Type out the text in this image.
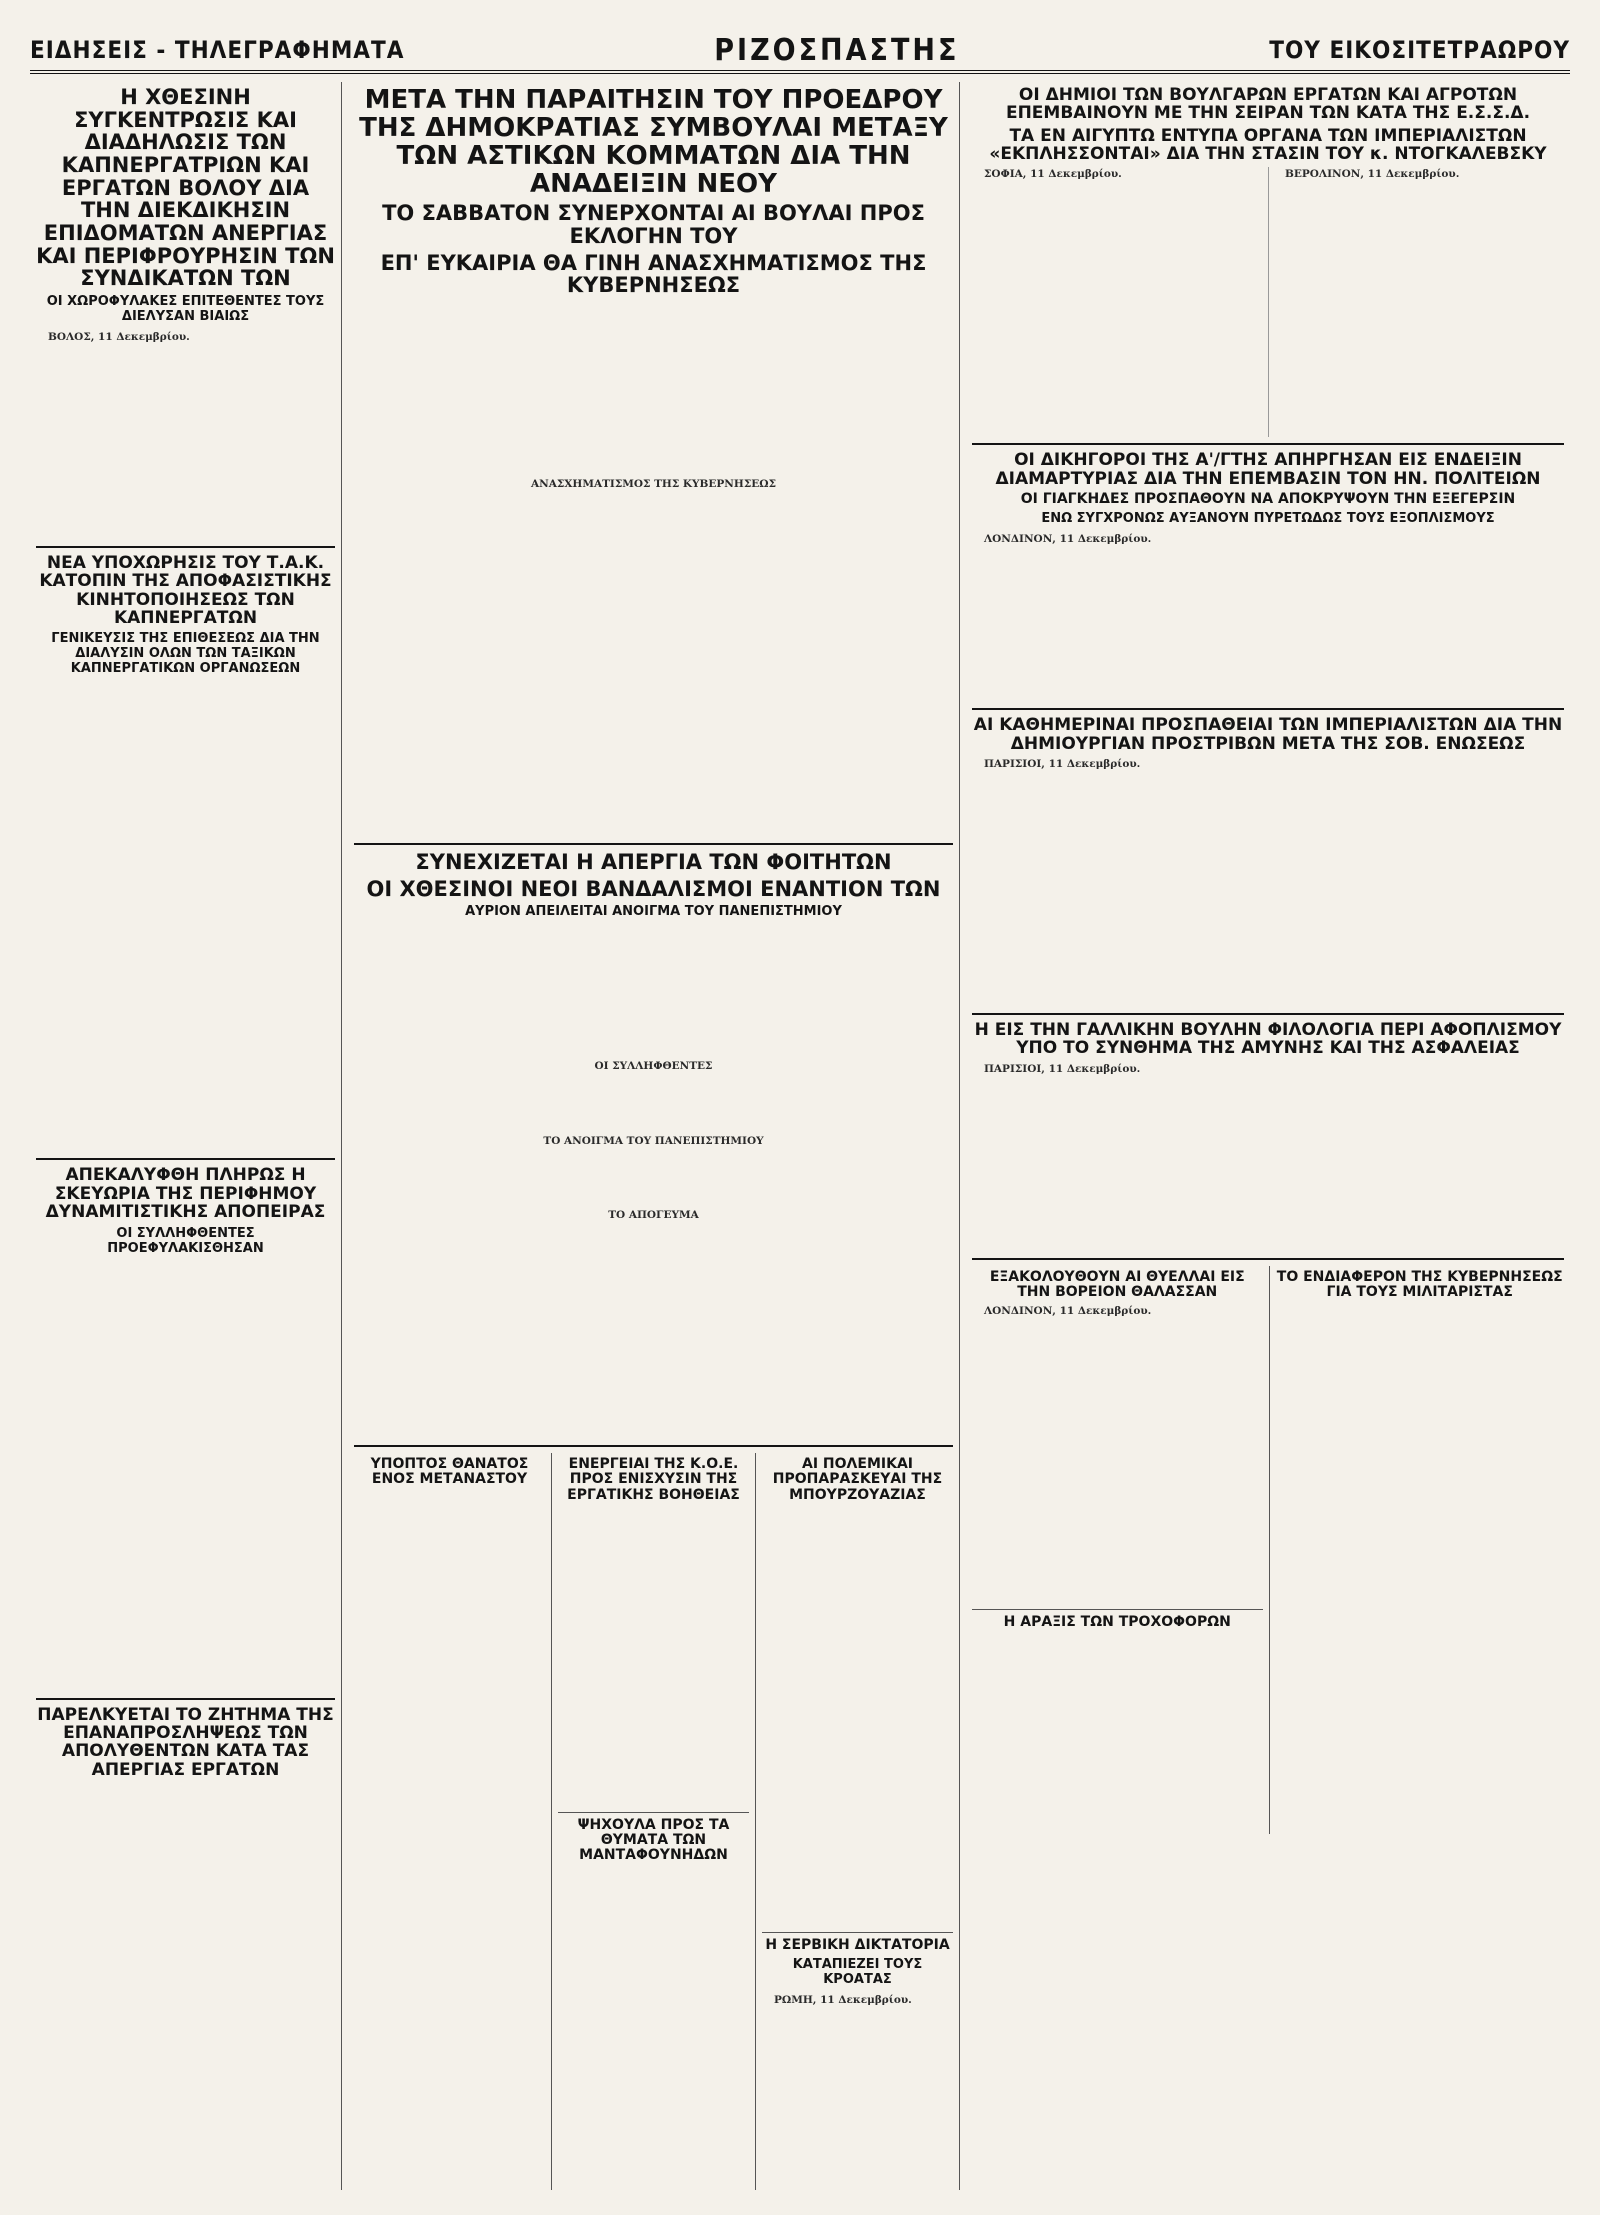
ΕΙΔΗΣΕΙΣ - ΤΗΛΕΓΡΑΦΗΜΑΤΑ	ΡΙΖΟΣΠΑΣΤΗΣ	ΤΟΥ ΕΙΚΟΣΙΤΕΤΡΑΩΡΟΥ
Η ΧΘΕΣΙΝΗ ΣΥΓΚΕΝΤΡΩΣΙΣ ΚΑΙ ΔΙΑΔΗΛΩΣΙΣ ΤΩΝ ΚΑΠΝΕΡΓΑΤΡΙΩΝ ΚΑΙ ΕΡΓΑΤΩΝ ΒΟΛΟΥ ΔΙΑ ΤΗΝ ΔΙΕΚΔΙΚΗΣΙΝ ΕΠΙΔΟΜΑΤΩΝ ΑΝΕΡΓΙΑΣ ΚΑΙ ΠΕΡΙΦΡΟΥΡΗΣΙΝ ΤΩΝ ΣΥΝΔΙΚΑΤΩΝ ΤΩΝ
ΟΙ ΧΩΡΟΦΥΛΑΚΕΣ ΕΠΙΤΕΘΕΝΤΕΣ ΤΟΥΣ ΔΙΕΛΥΣΑΝ ΒΙΑΙΩΣ

ΒΟΛΟΣ, 11 Δεκεμβρίου.

ΝΕΑ ΥΠΟΧΩΡΗΣΙΣ ΤΟΥ Τ.Α.Κ. ΚΑΤΟΠΙΝ ΤΗΣ ΑΠΟΦΑΣΙΣΤΙΚΗΣ ΚΙΝΗΤΟΠΟΙΗΣΕΩΣ ΤΩΝ ΚΑΠΝΕΡΓΑΤΩΝ
ΓΕΝΙΚΕΥΣΙΣ ΤΗΣ ΕΠΙΘΕΣΕΩΣ ΔΙΑ ΤΗΝ ΔΙΑΛΥΣΙΝ ΟΛΩΝ ΤΩΝ ΤΑΞΙΚΩΝ ΚΑΠΝΕΡΓΑΤΙΚΩΝ ΟΡΓΑΝΩΣΕΩΝ
ΑΠΕΚΑΛΥΦΘΗ ΠΛΗΡΩΣ Η ΣΚΕΥΩΡΙΑ ΤΗΣ ΠΕΡΙΦΗΜΟΥ ΔΥΝΑΜΙΤΙΣΤΙΚΗΣ ΑΠΟΠΕΙΡΑΣ
ΟΙ ΣΥΛΛΗΦΘΕΝΤΕΣ ΠΡΟΕΦΥΛΑΚΙΣΘΗΣΑΝ
ΠΑΡΕΛΚΥΕΤΑΙ ΤΟ ΖΗΤΗΜΑ ΤΗΣ ΕΠΑΝΑΠΡΟΣΛΗΨΕΩΣ ΤΩΝ ΑΠΟΛΥΘΕΝΤΩΝ ΚΑΤΑ ΤΑΣ ΑΠΕΡΓΙΑΣ ΕΡΓΑΤΩΝ
ΜΕΤΑ ΤΗΝ ΠΑΡΑΙΤΗΣΙΝ ΤΟΥ ΠΡΟΕΔΡΟΥ ΤΗΣ ΔΗΜΟΚΡΑΤΙΑΣ ΣΥΜΒΟΥΛΑΙ ΜΕΤΑΞΥ ΤΩΝ ΑΣΤΙΚΩΝ ΚΟΜΜΑΤΩΝ ΔΙΑ ΤΗΝ ΑΝΑΔΕΙΞΙΝ ΝΕΟΥ
ΤΟ ΣΑΒΒΑΤΟΝ ΣΥΝΕΡΧΟΝΤΑΙ ΑΙ ΒΟΥΛΑΙ ΠΡΟΣ ΕΚΛΟΓΗΝ ΤΟΥ
ΕΠ' ΕΥΚΑΙΡΙΑ ΘΑ ΓΙΝΗ ΑΝΑΣΧΗΜΑΤΙΣΜΟΣ ΤΗΣ ΚΥΒΕΡΝΗΣΕΩΣ

ΑΝΑΣΧΗΜΑΤΙΣΜΟΣ ΤΗΣ ΚΥΒΕΡΝΗΣΕΩΣ

ΣΥΝΕΧΙΖΕΤΑΙ Η ΑΠΕΡΓΙΑ ΤΩΝ ΦΟΙΤΗΤΩΝ
ΟΙ ΧΘΕΣΙΝΟΙ ΝΕΟΙ ΒΑΝΔΑΛΙΣΜΟΙ ΕΝΑΝΤΙΟΝ ΤΩΝ
ΑΥΡΙΟΝ ΑΠΕΙΛΕΙΤΑΙ ΑΝΟΙΓΜΑ ΤΟΥ ΠΑΝΕΠΙΣΤΗΜΙΟΥ

ΟΙ ΣΥΛΛΗΦΘΕΝΤΕΣ

ΤΟ ΑΝΟΙΓΜΑ ΤΟΥ ΠΑΝΕΠΙΣΤΗΜΙΟΥ

ΤΟ ΑΠΟΓΕΥΜΑ

ΥΠΟΠΤΟΣ ΘΑΝΑΤΟΣ ΕΝΟΣ ΜΕΤΑΝΑΣΤΟΥ
ΕΝΕΡΓΕΙΑΙ ΤΗΣ Κ.Ο.Ε. ΠΡΟΣ ΕΝΙΣΧΥΣΙΝ ΤΗΣ ΕΡΓΑΤΙΚΗΣ ΒΟΗΘΕΙΑΣ
ΨΗΧΟΥΛΑ ΠΡΟΣ ΤΑ ΘΥΜΑΤΑ ΤΩΝ ΜΑΝΤΑΦΟΥΝΗΔΩΝ
ΑΙ ΠΟΛΕΜΙΚΑΙ ΠΡΟΠΑΡΑΣΚΕΥΑΙ ΤΗΣ ΜΠΟΥΡΖΟΥΑΖΙΑΣ
Η ΣΕΡΒΙΚΗ ΔΙΚΤΑΤΟΡΙΑ
ΚΑΤΑΠΙΕΖΕΙ ΤΟΥΣ ΚΡΟΑΤΑΣ

ΡΩΜΗ, 11 Δεκεμβρίου.

ΟΙ ΔΗΜΙΟΙ ΤΩΝ ΒΟΥΛΓΑΡΩΝ ΕΡΓΑΤΩΝ ΚΑΙ ΑΓΡΟΤΩΝ ΕΠΕΜΒΑΙΝΟΥΝ ΜΕ ΤΗΝ ΣΕΙΡΑΝ ΤΩΝ ΚΑΤΑ ΤΗΣ Ε.Σ.Σ.Δ.
ΤΑ ΕΝ ΑΙΓΥΠΤΩ ΕΝΤΥΠΑ ΟΡΓΑΝΑ ΤΩΝ ΙΜΠΕΡΙΑΛΙΣΤΩΝ «ΕΚΠΛΗΣΣΟΝΤΑΙ» ΔΙΑ ΤΗΝ ΣΤΑΣΙΝ ΤΟΥ κ. ΝΤΟΓΚΑΛΕΒΣΚΥ

ΣΟΦΙΑ, 11 Δεκεμβρίου.	ΒΕΡΟΛΙΝΟΝ, 11 Δεκεμβρίου.

ΟΙ ΔΙΚΗΓΟΡΟΙ ΤΗΣ Α'/ΓΤΗΣ ΑΠΗΡΓΗΣΑΝ ΕΙΣ ΕΝΔΕΙΞΙΝ ΔΙΑΜΑΡΤΥΡΙΑΣ ΔΙΑ ΤΗΝ ΕΠΕΜΒΑΣΙΝ ΤΟΝ ΗΝ. ΠΟΛΙΤΕΙΩΝ
ΟΙ ΓΙΑΓΚΗΔΕΣ ΠΡΟΣΠΑΘΟΥΝ ΝΑ ΑΠΟΚΡΥΨΟΥΝ ΤΗΝ ΕΞΕΓΕΡΣΙΝ
ΕΝΩ ΣΥΓΧΡΟΝΩΣ ΑΥΞΑΝΟΥΝ ΠΥΡΕΤΩΔΩΣ ΤΟΥΣ ΕΞΟΠΛΙΣΜΟΥΣ

ΛΟΝΔΙΝΟΝ, 11 Δεκεμβρίου.

ΑΙ ΚΑΘΗΜΕΡΙΝΑΙ ΠΡΟΣΠΑΘΕΙΑΙ ΤΩΝ ΙΜΠΕΡΙΑΛΙΣΤΩΝ ΔΙΑ ΤΗΝ ΔΗΜΙΟΥΡΓΙΑΝ ΠΡΟΣΤΡΙΒΩΝ ΜΕΤΑ ΤΗΣ ΣΟΒ. ΕΝΩΣΕΩΣ

ΠΑΡΙΣΙΟΙ, 11 Δεκεμβρίου.

Η ΕΙΣ ΤΗΝ ΓΑΛΛΙΚΗΝ ΒΟΥΛΗΝ ΦΙΛΟΛΟΓΙΑ ΠΕΡΙ ΑΦΟΠΛΙΣΜΟΥ ΥΠΟ ΤΟ ΣΥΝΘΗΜΑ ΤΗΣ ΑΜΥΝΗΣ ΚΑΙ ΤΗΣ ΑΣΦΑΛΕΙΑΣ

ΠΑΡΙΣΙΟΙ, 11 Δεκεμβρίου.

ΕΞΑΚΟΛΟΥΘΟΥΝ ΑΙ ΘΥΕΛΛΑΙ ΕΙΣ ΤΗΝ ΒΟΡΕΙΟΝ ΘΑΛΑΣΣΑΝ

ΛΟΝΔΙΝΟΝ, 11 Δεκεμβρίου.

Η ΑΡΑΞΙΣ ΤΩΝ ΤΡΟΧΟΦΟΡΩΝ
ΤΟ ΕΝΔΙΑΦΕΡΟΝ ΤΗΣ ΚΥΒΕΡΝΗΣΕΩΣ ΓΙΑ ΤΟΥΣ ΜΙΛΙΤΑΡΙΣΤΑΣ
